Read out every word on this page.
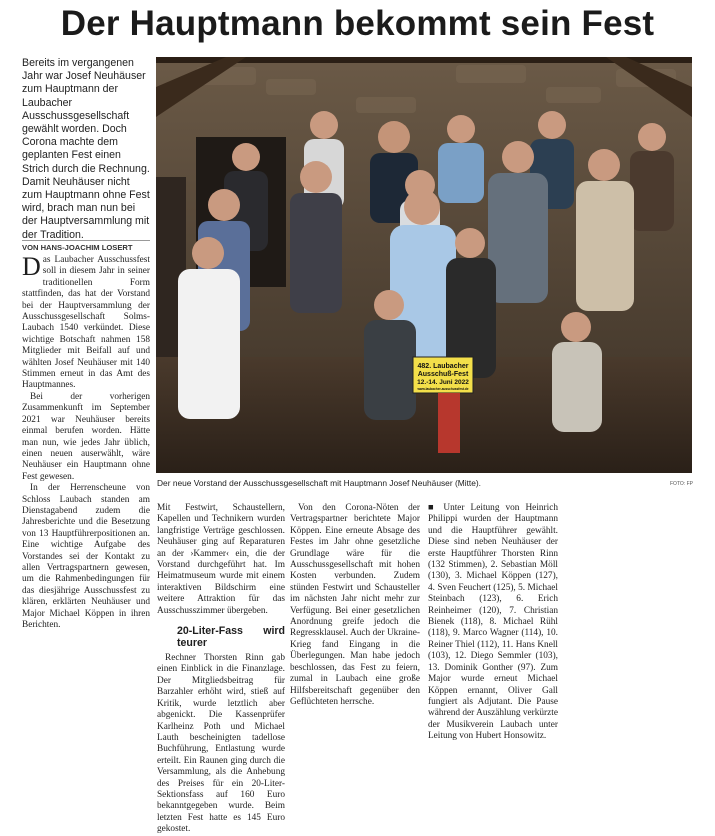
Der Hauptmann bekommt sein Fest

Bereits im vergangenen Jahr war Josef Neuhäuser zum Hauptmann der Laubacher Ausschussgesellschaft gewählt worden. Doch Corona machte dem geplanten Fest einen Strich durch die Rechnung. Damit Neuhäuser nicht zum Hauptmann ohne Fest wird, brach man nun bei der Hauptversammlung mit der Tradition.

VON HANS-JOACHIM LOSERT
482. Laubacher
Ausschuß-Fest
12.-14. Juni 2022
www.laubacher-ausschussfest.de
Der neue Vorstand der Ausschussgesellschaft mit Hauptmann Josef Neuhäuser (Mitte).	FOTO: FP

Das Laubacher Ausschussfest soll in diesem Jahr in seiner traditionellen Form stattfinden, das hat der Vorstand bei der Hauptversammlung der Ausschussgesellschaft Solms-Laubach 1540 verkündet. Diese wichtige Botschaft nahmen 158 Mitglieder mit Beifall auf und wählten Josef Neuhäuser mit 140 Stimmen erneut in das Amt des Hauptmannes.

Bei der vorherigen Zusammenkunft im September 2021 war Neuhäuser bereits einmal berufen worden. Hätte man nun, wie jedes Jahr üblich, einen neuen auserwählt, wäre Neuhäuser ein Hauptmann ohne Fest gewesen.

In der Herrenscheune von Schloss Laubach standen am Dienstagabend zudem die Jahresberichte und die Besetzung von 13 Hauptführerpositionen an. Eine wichtige Aufgabe des Vorstandes sei der Kontakt zu allen Vertragspartnern gewesen, um die Rahmenbedingungen für das diesjährige Ausschussfest zu klären, erklärten Neuhäuser und Major Michael Köppen in ihren Berichten.

Mit Festwirt, Schaustellern, Kapellen und Technikern wurden langfristige Verträge geschlossen. Neuhäuser ging auf Reparaturen an der ›Kammer‹ ein, die der Vorstand durchgeführt hat. Im Heimatmuseum wurde mit einem interaktiven Bildschirm eine weitere Attraktion für das Ausschusszimmer übergeben.

20-Liter-Fass wird teurer

Rechner Thorsten Rinn gab einen Einblick in die Finanzlage. Der Mitgliedsbeitrag für Barzahler erhöht wird, stieß auf Kritik, wurde letztlich aber abgenickt. Die Kassenprüfer Karlheinz Poth und Michael Lauth bescheinigten tadellose Buchführung, Entlastung wurde erteilt. Ein Raunen ging durch die Versammlung, als die Anhebung des Preises für ein 20-Liter-Sektionsfass auf 160 Euro bekanntgegeben wurde. Beim letzten Fest hatte es 145 Euro gekostet.

Von den Corona-Nöten der Vertragspartner berichtete Major Köppen. Eine erneute Absage des Festes im Jahr ohne gesetzliche Grundlage wäre für die Ausschussgesellschaft mit hohen Kosten verbunden. Zudem stünden Festwirt und Schausteller im nächsten Jahr nicht mehr zur Verfügung. Bei einer gesetzlichen Anordnung greife jedoch die Regressklausel. Auch der Ukraine-Krieg fand Eingang in die Überlegungen. Man habe jedoch beschlossen, das Fest zu feiern, zumal in Laubach eine große Hilfsbereitschaft gegenüber den Geflüchteten herrsche.

■ Unter Leitung von Heinrich Philippi wurden der Hauptmann und die Hauptführer gewählt. Diese sind neben Neuhäuser der erste Hauptführer Thorsten Rinn (132 Stimmen), 2. Sebastian Möll (130), 3. Michael Köppen (127), 4. Sven Feuchert (125), 5. Michael Steinbach (123), 6. Erich Reinheimer (120), 7. Christian Bienek (118), 8. Michael Rühl (118), 9. Marco Wagner (114), 10. Reiner Thiel (112), 11. Hans Knell (103), 12. Diego Semmler (103), 13. Dominik Gonther (97). Zum Major wurde erneut Michael Köppen ernannt, Oliver Gall fungiert als Adjutant. Die Pause während der Auszählung verkürzte der Musikverein Laubach unter Leitung von Hubert Honsowitz.
